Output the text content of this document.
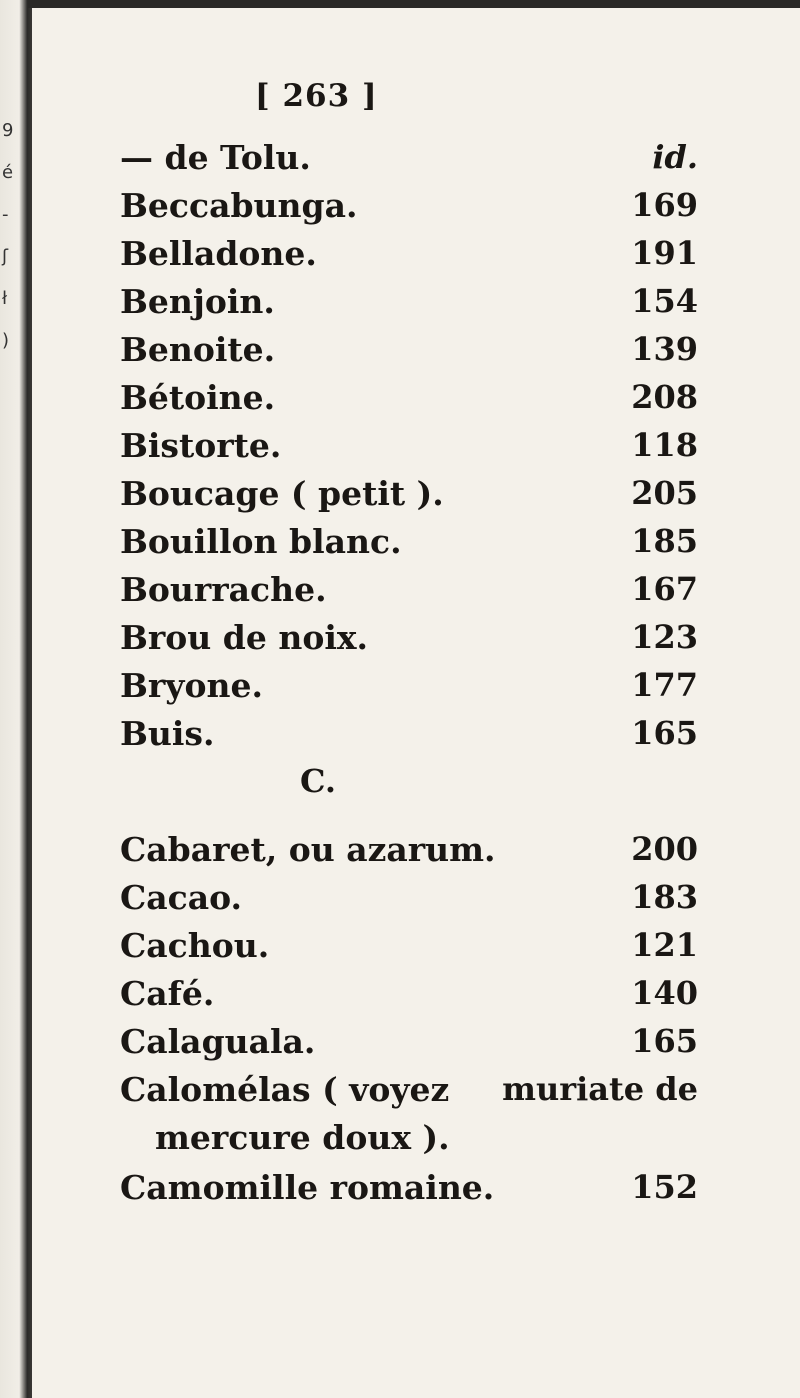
9
é
-
ʃ
ł
)
[ 263 ]
— de Tolu.	id.
Beccabunga.	169
Belladone.	191
Benjoin.	154
Benoite.	139
Bétoine.	208
Bistorte.	118
Boucage ( petit ).	205
Bouillon blanc.	185
Bourrache.	167
Brou de noix.	123
Bryone.	177
Buis.	165
C.
Cabaret, ou azarum.	200
Cacao.	183
Cachou.	121
Café.	140
Calaguala.	165
Calomélas ( voyez muriate de
mercure doux ).
Camomille romaine.	152
